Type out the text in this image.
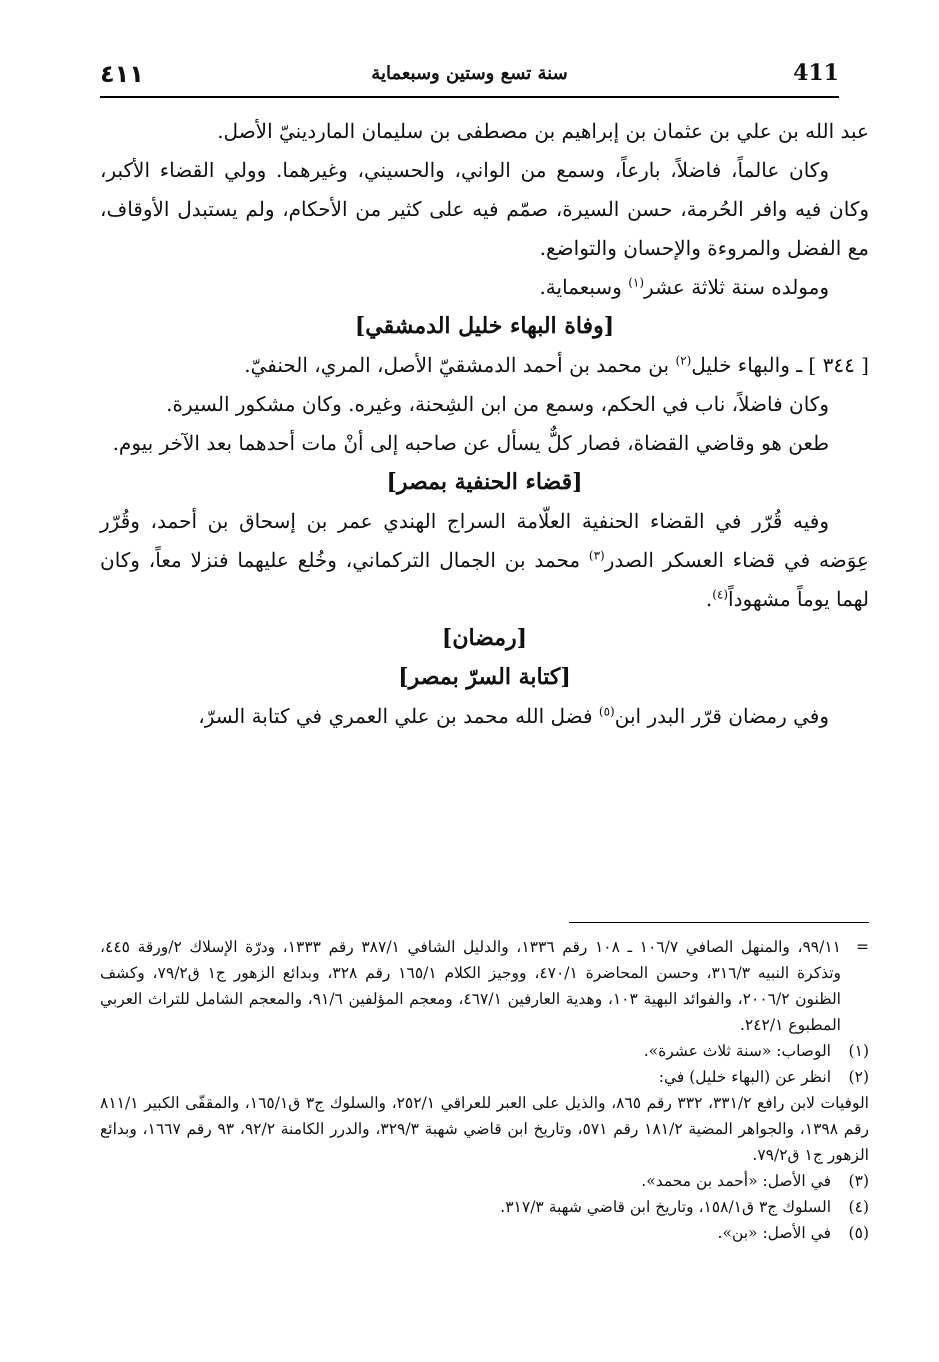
٤١١	سنة تسع وستين وسبعماية	411

عبد الله بن علي بن عثمان بن إبراهيم بن مصطفى بن سليمان الماردينيّ الأصل.

وكان عالماً، فاضلاً، بارعاً، وسمع من الواني، والحسيني، وغيرهما. وولي القضاء الأكبر، وكان فيه وافر الحُرمة، حسن السيرة، صمّم فيه على كثير من الأحكام، ولم يستبدل الأوقاف، مع الفضل والمروءة والإحسان والتواضع.

ومولده سنة ثلاثة عشر$^{(١)}$ وسبعماية.

[وفاة البهاء خليل الدمشقي]

[ ٣٤٤ ] ـ والبهاء خليل$^{(٢)}$ بن محمد بن أحمد الدمشقيّ الأصل، المري، الحنفيّ.

وكان فاضلاً، ناب في الحكم، وسمع من ابن الشِحنة، وغيره. وكان مشكور السيرة.

طعن هو وقاضي القضاة، فصار كلٌّ يسأل عن صاحبه إلى أنْ مات أحدهما بعد الآخر بيوم.

[قضاء الحنفية بمصر]

وفيه قُرّر في القضاء الحنفية العلّامة السراج الهندي عمر بن إسحاق بن أحمد، وقُرّر عِوَضه في قضاء العسكر الصدر$^{(٣)}$ محمد بن الجمال التركماني، وخُلع عليهما فنزلا معاً، وكان لهما يوماً مشهوداً$^{(٤)}$.

[رمضان]

[كتابة السرّ بمصر]

وفي رمضان قرّر البدر ابن$^{(٥)}$ فضل الله محمد بن علي العمري في كتابة السرّ،

=٩٩/١١، والمنهل الصافي ١٠٦/٧ ـ ١٠٨ رقم ١٣٣٦، والدليل الشافي ٣٨٧/١ رقم ١٣٣٣، ودرّة الإسلاك ٢/ورقة ٤٤٥، وتذكرة النبيه ٣١٦/٣، وحسن المحاضرة ٤٧٠/١، ووجيز الكلام ١٦٥/١ رقم ٣٢٨، وبدائع الزهور ج١ ق٧٩/٢، وكشف الظنون ٢٠٠٦/٢، والفوائد البهية ١٠٣، وهدية العارفين ٤٦٧/١، ومعجم المؤلفين ٩١/٦، والمعجم الشامل للتراث العربي المطبوع ٢٤٢/١.

(١)الوصاب: «سنة ثلاث عشرة».

(٢)انظر عن (البهاء خليل) في:

الوفيات لابن رافع ٣٣١/٢، ٣٣٢ رقم ٨٦٥، والذيل على العبر للعراقي ٢٥٢/١، والسلوك ج٣ ق١٦٥/١، والمقفّى الكبير ٨١١/١ رقم ١٣٩٨، والجواهر المضية ١٨١/٢ رقم ٥٧١، وتاريخ ابن قاضي شهبة ٣٢٩/٣، والدرر الكامنة ٩٢/٢، ٩٣ رقم ١٦٦٧، وبدائع الزهور ج١ ق٧٩/٢.

(٣)في الأصل: «أحمد بن محمد».

(٤)السلوك ج٣ ق١٥٨/١، وتاريخ ابن قاضي شهبة ٣١٧/٣.

(٥)في الأصل: «بن».
